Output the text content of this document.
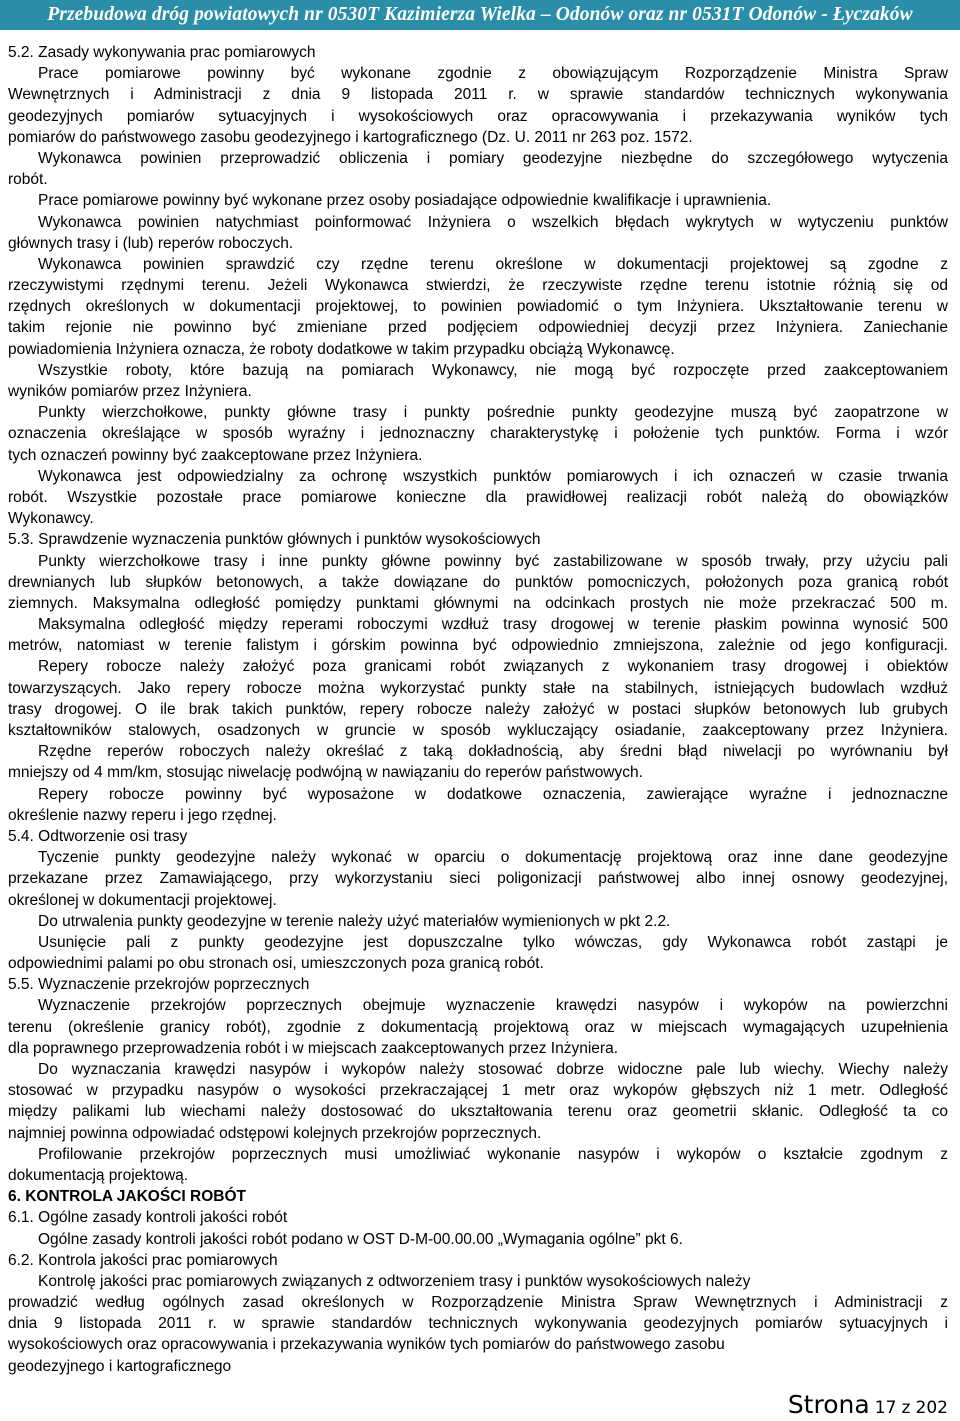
Przebudowa dróg powiatowych nr 0530T Kazimierza Wielka – Odonów oraz nr 0531T Odonów - Łyczaków
5.2. Zasady wykonywania prac pomiarowych
Prace pomiarowe powinny być wykonane zgodnie z obowiązującym Rozporządzenie Ministra Spraw
Wewnętrznych i Administracji z dnia 9 listopada 2011 r. w sprawie standardów technicznych wykonywania
geodezyjnych pomiarów sytuacyjnych i wysokościowych oraz opracowywania i przekazywania wyników tych
pomiarów do państwowego zasobu geodezyjnego i kartograficznego (Dz. U. 2011 nr 263 poz. 1572.
Wykonawca powinien przeprowadzić obliczenia i pomiary geodezyjne niezbędne do szczegółowego wytyczenia
robót.
Prace pomiarowe powinny być wykonane przez osoby posiadające odpowiednie kwalifikacje i uprawnienia.
Wykonawca powinien natychmiast poinformować Inżyniera o wszelkich błędach wykrytych w wytyczeniu punktów
głównych trasy i (lub) reperów roboczych.
Wykonawca powinien sprawdzić czy rzędne terenu określone w dokumentacji projektowej są zgodne z
rzeczywistymi rzędnymi terenu. Jeżeli Wykonawca stwierdzi, że rzeczywiste rzędne terenu istotnie różnią się od
rzędnych określonych w dokumentacji projektowej, to powinien powiadomić o tym Inżyniera. Ukształtowanie terenu w
takim rejonie nie powinno być zmieniane przed podjęciem odpowiedniej decyzji przez Inżyniera. Zaniechanie
powiadomienia Inżyniera oznacza, że roboty dodatkowe w takim przypadku obciążą Wykonawcę.
Wszystkie roboty, które bazują na pomiarach Wykonawcy, nie mogą być rozpoczęte przed zaakceptowaniem
wyników pomiarów przez Inżyniera.
Punkty wierzchołkowe, punkty główne trasy i punkty pośrednie punkty geodezyjne muszą być zaopatrzone w
oznaczenia określające w sposób wyraźny i jednoznaczny charakterystykę i położenie tych punktów. Forma i wzór
tych oznaczeń powinny być zaakceptowane przez Inżyniera.
Wykonawca jest odpowiedzialny za ochronę wszystkich punktów pomiarowych i ich oznaczeń w czasie trwania
robót. Wszystkie pozostałe prace pomiarowe konieczne dla prawidłowej realizacji robót należą do obowiązków
Wykonawcy.
5.3. Sprawdzenie wyznaczenia punktów głównych i punktów wysokościowych
Punkty wierzchołkowe trasy i inne punkty główne powinny być zastabilizowane w sposób trwały, przy użyciu pali
drewnianych lub słupków betonowych, a także dowiązane do punktów pomocniczych, położonych poza granicą robót
ziemnych. Maksymalna odległość pomiędzy punktami głównymi na odcinkach prostych nie może przekraczać 500 m.
Maksymalna odległość między reperami roboczymi wzdłuż trasy drogowej w terenie płaskim powinna wynosić 500
metrów, natomiast w terenie falistym i górskim powinna być odpowiednio zmniejszona, zależnie od jego konfiguracji.
Repery robocze należy założyć poza granicami robót związanych z wykonaniem trasy drogowej i obiektów
towarzyszących. Jako repery robocze można wykorzystać punkty stałe na stabilnych, istniejących budowlach wzdłuż
trasy drogowej. O ile brak takich punktów, repery robocze należy założyć w postaci słupków betonowych lub grubych
kształtowników stalowych, osadzonych w gruncie w sposób wykluczający osiadanie, zaakceptowany przez Inżyniera.
Rzędne reperów roboczych należy określać z taką dokładnością, aby średni błąd niwelacji po wyrównaniu był
mniejszy od 4 mm/km, stosując niwelację podwójną w nawiązaniu do reperów państwowych.
Repery robocze powinny być wyposażone w dodatkowe oznaczenia, zawierające wyraźne i jednoznaczne
określenie nazwy reperu i jego rzędnej.
5.4. Odtworzenie osi trasy
Tyczenie punkty geodezyjne należy wykonać w oparciu o dokumentację projektową oraz inne dane geodezyjne
przekazane przez Zamawiającego, przy wykorzystaniu sieci poligonizacji państwowej albo innej osnowy geodezyjnej,
określonej w dokumentacji projektowej.
Do utrwalenia punkty geodezyjne w terenie należy użyć materiałów wymienionych w pkt 2.2.
Usunięcie pali z punkty geodezyjne jest dopuszczalne tylko wówczas, gdy Wykonawca robót zastąpi je
odpowiednimi palami po obu stronach osi, umieszczonych poza granicą robót.
5.5. Wyznaczenie przekrojów poprzecznych
Wyznaczenie przekrojów poprzecznych obejmuje wyznaczenie krawędzi nasypów i wykopów na powierzchni
terenu (określenie granicy robót), zgodnie z dokumentacją projektową oraz w miejscach wymagających uzupełnienia
dla poprawnego przeprowadzenia robót i w miejscach zaakceptowanych przez Inżyniera.
Do wyznaczania krawędzi nasypów i wykopów należy stosować dobrze widoczne pale lub wiechy. Wiechy należy
stosować w przypadku nasypów o wysokości przekraczającej 1 metr oraz wykopów głębszych niż 1 metr. Odległość
między palikami lub wiechami należy dostosować do ukształtowania terenu oraz geometrii skłanic. Odległość ta co
najmniej powinna odpowiadać odstępowi kolejnych przekrojów poprzecznych.
Profilowanie przekrojów poprzecznych musi umożliwiać wykonanie nasypów i wykopów o kształcie zgodnym z
dokumentacją projektową.
6. KONTROLA JAKOŚCI ROBÓT
6.1. Ogólne zasady kontroli jakości robót
Ogólne zasady kontroli jakości robót podano w OST D-M-00.00.00 „Wymagania ogólne” pkt 6.
6.2. Kontrola jakości prac pomiarowych
Kontrolę jakości prac pomiarowych związanych z odtworzeniem trasy i punktów wysokościowych należy
prowadzić według ogólnych zasad określonych w Rozporządzenie Ministra Spraw Wewnętrznych i Administracji z
dnia 9 listopada 2011 r. w sprawie standardów technicznych wykonywania geodezyjnych pomiarów sytuacyjnych i
wysokościowych oraz opracowywania i przekazywania wyników tych pomiarów do państwowego zasobu
geodezyjnego i kartograficznego
Strona 17 z 202
